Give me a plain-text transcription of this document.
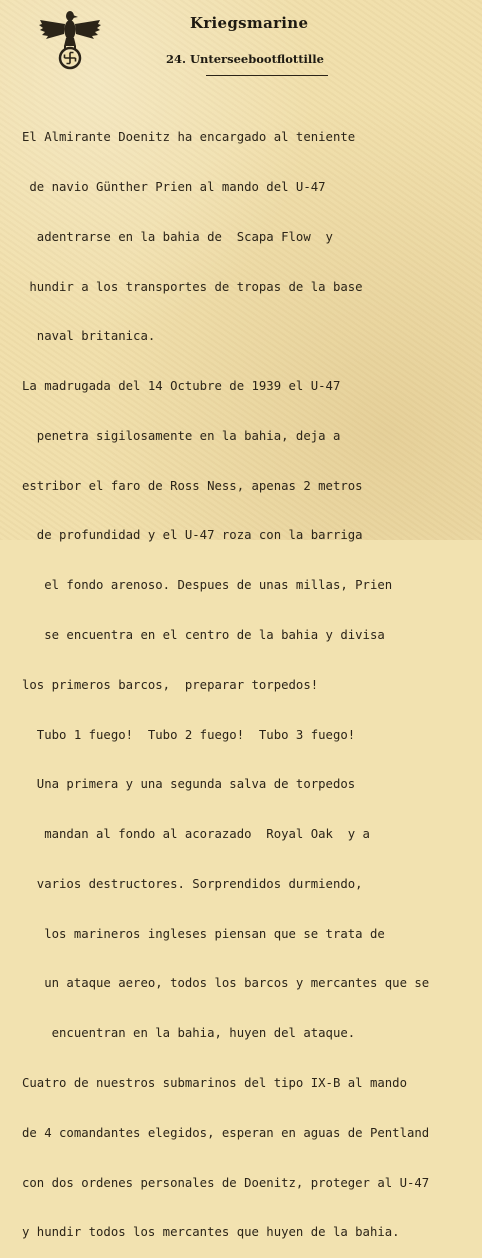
Kriegsmarine
24. Unterseebootflottille

El Almirante Doenitz ha encargado al teniente

de navio Günther Prien al mando del U-47

adentrarse en la bahia de  Scapa Flow  y

hundir a los transportes de tropas de la base

naval britanica.

La madrugada del 14 Octubre de 1939 el U-47

penetra sigilosamente en la bahia, deja a

estribor el faro de Ross Ness, apenas 2 metros

de profundidad y el U-47 roza con la barriga

el fondo arenoso. Despues de unas millas, Prien

se encuentra en el centro de la bahia y divisa

los primeros barcos,  preparar torpedos!

Tubo 1 fuego!  Tubo 2 fuego!  Tubo 3 fuego!

Una primera y una segunda salva de torpedos

mandan al fondo al acorazado  Royal Oak  y a

varios destructores. Sorprendidos durmiendo,

los marineros ingleses piensan que se trata de

un ataque aereo, todos los barcos y mercantes que se

encuentran en la bahia, huyen del ataque.

Cuatro de nuestros submarinos del tipo IX-B al mando

de 4 comandantes elegidos, esperan en aguas de Pentland

con dos ordenes personales de Doenitz, proteger al U-47

y hundir todos los mercantes que huyen de la bahia.
